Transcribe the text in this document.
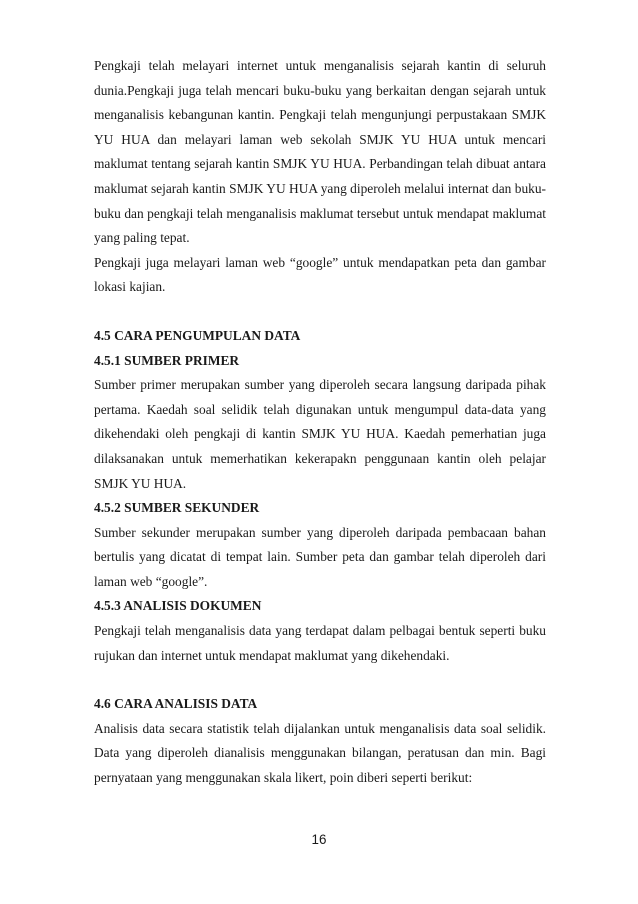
Pengkaji telah melayari internet untuk menganalisis sejarah kantin di seluruh dunia.Pengkaji juga telah mencari buku-buku yang berkaitan dengan sejarah untuk menganalisis kebangunan kantin. Pengkaji telah mengunjungi perpustakaan SMJK YU HUA dan melayari laman web sekolah SMJK YU HUA untuk mencari maklumat tentang sejarah kantin SMJK YU HUA. Perbandingan telah dibuat antara maklumat sejarah kantin SMJK YU HUA yang diperoleh melalui internat dan buku-buku dan pengkaji telah menganalisis maklumat tersebut untuk mendapat maklumat yang paling tepat.

Pengkaji juga melayari laman web “google” untuk mendapatkan peta dan gambar lokasi kajian.

4.5 CARA PENGUMPULAN DATA
4.5.1 SUMBER PRIMER

Sumber primer merupakan sumber yang diperoleh secara langsung daripada pihak pertama. Kaedah soal selidik telah digunakan untuk mengumpul data-data yang dikehendaki oleh pengkaji di kantin SMJK YU HUA. Kaedah pemerhatian juga dilaksanakan untuk memerhatikan kekerapakn penggunaan kantin oleh pelajar SMJK YU HUA.

4.5.2 SUMBER SEKUNDER

Sumber sekunder merupakan sumber yang diperoleh daripada pembacaan bahan bertulis yang dicatat di tempat lain. Sumber peta dan gambar telah diperoleh dari laman web “google”.

4.5.3 ANALISIS DOKUMEN

Pengkaji telah menganalisis data yang terdapat dalam pelbagai bentuk seperti buku rujukan dan internet untuk mendapat maklumat yang dikehendaki.

4.6 CARA ANALISIS DATA

Analisis data secara statistik telah dijalankan untuk menganalisis data soal selidik. Data yang diperoleh dianalisis menggunakan bilangan, peratusan dan min. Bagi pernyataan yang menggunakan skala likert, poin diberi seperti berikut:

16
